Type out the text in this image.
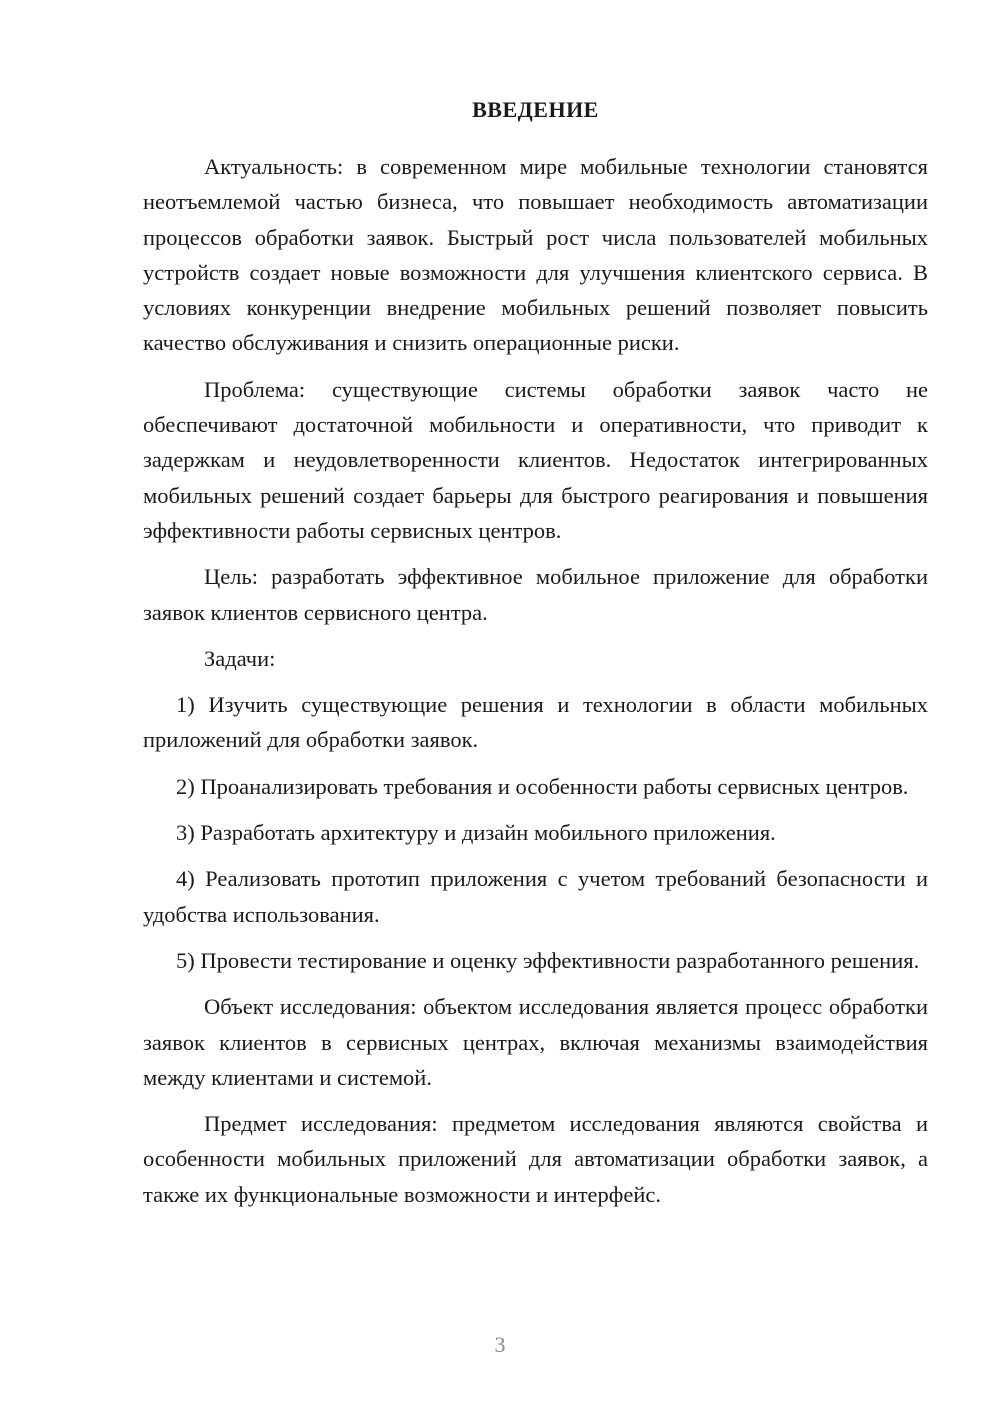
ВВЕДЕНИЕ

Актуальность: в современном мире мобильные технологии становятся неотъемлемой частью бизнеса, что повышает необходимость автоматизации процессов обработки заявок. Быстрый рост числа пользователей мобильных устройств создает новые возможности для улучшения клиентского сервиса. В условиях конкуренции внедрение мобильных решений позволяет повысить качество обслуживания и снизить операционные риски.

Проблема: существующие системы обработки заявок часто не обеспечивают достаточной мобильности и оперативности, что приводит к задержкам и неудовлетворенности клиентов. Недостаток интегрированных мобильных решений создает барьеры для быстрого реагирования и повышения эффективности работы сервисных центров.

Цель: разработать эффективное мобильное приложение для обработки заявок клиентов сервисного центра.

Задачи:

1) Изучить существующие решения и технологии в области мобильных приложений для обработки заявок.

2) Проанализировать требования и особенности работы сервисных центров.

3) Разработать архитектуру и дизайн мобильного приложения.

4) Реализовать прототип приложения с учетом требований безопасности и удобства использования.

5) Провести тестирование и оценку эффективности разработанного решения.

Объект исследования: объектом исследования является процесс обработки заявок клиентов в сервисных центрах, включая механизмы взаимодействия между клиентами и системой.

Предмет исследования: предметом исследования являются свойства и особенности мобильных приложений для автоматизации обработки заявок, а также их функциональные возможности и интерфейс.

3
